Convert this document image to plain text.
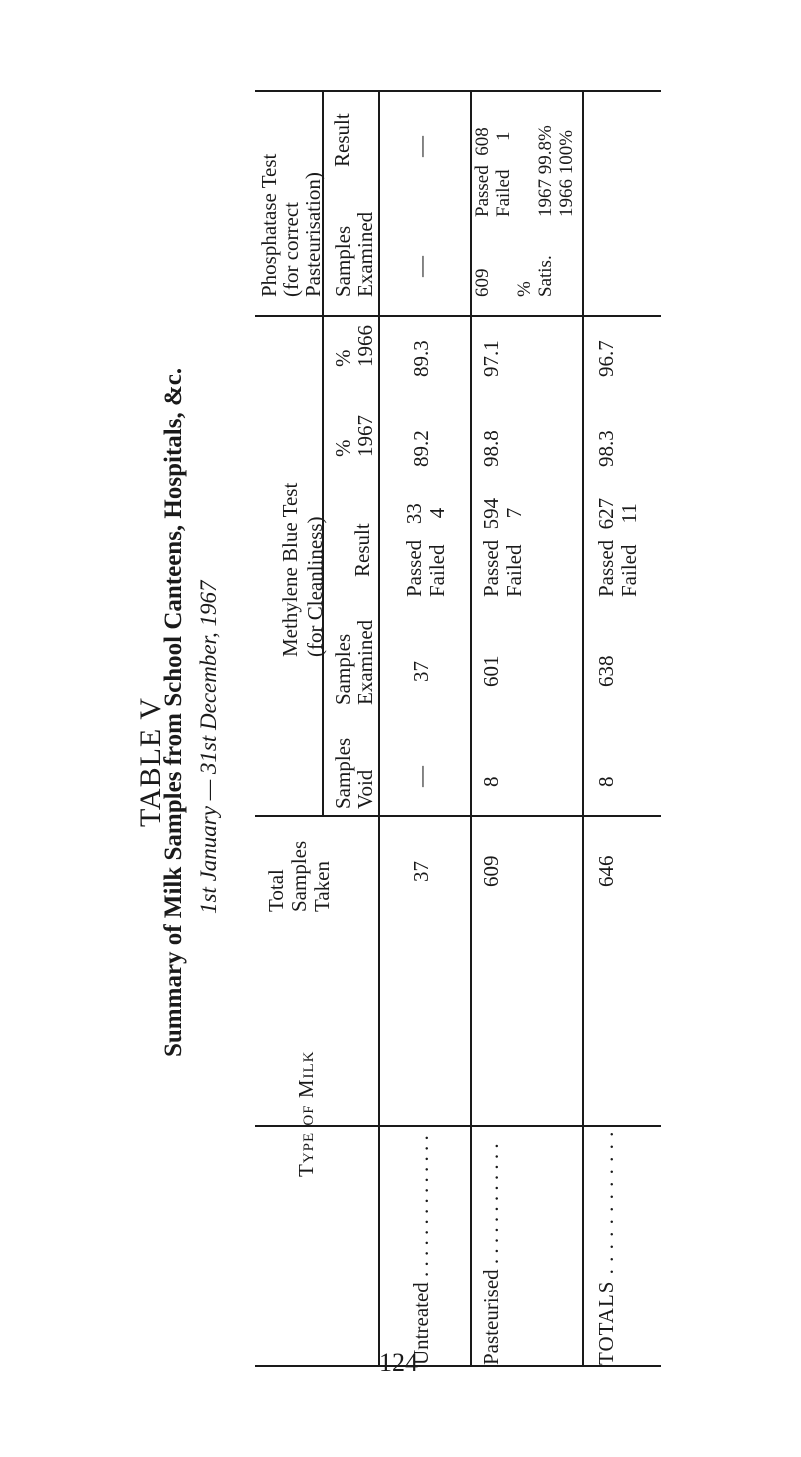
TABLE V
Summary of Milk Samples from School Canteens, Hospitals, &c. 1st January — 31st December, 1967
Type of Milk
Total
Samples
Taken
Methylene Blue Test
(for Cleanliness)
Phosphatase Test
(for correct
Pasteurisation)
Samples
Void
Samples
Examined
Result
%
1967
%
1966
Samples
Examined
Result
Untreated . . . . . . . . . . . . . .
37
—
37
Passed   33
Failed     4
89.2
89.3
—
—
Pasteurised . . . . . . . . . . . .
609
8
601
Passed  594
Failed     7
98.8
97.1
609

%
Satis.
Passed  608
Failed      1

1967 99.8%
1966 100%
TOTALS . . . . . . . . . . . .
646
8
638
Passed  627
Failed    11
98.3
96.7
124
